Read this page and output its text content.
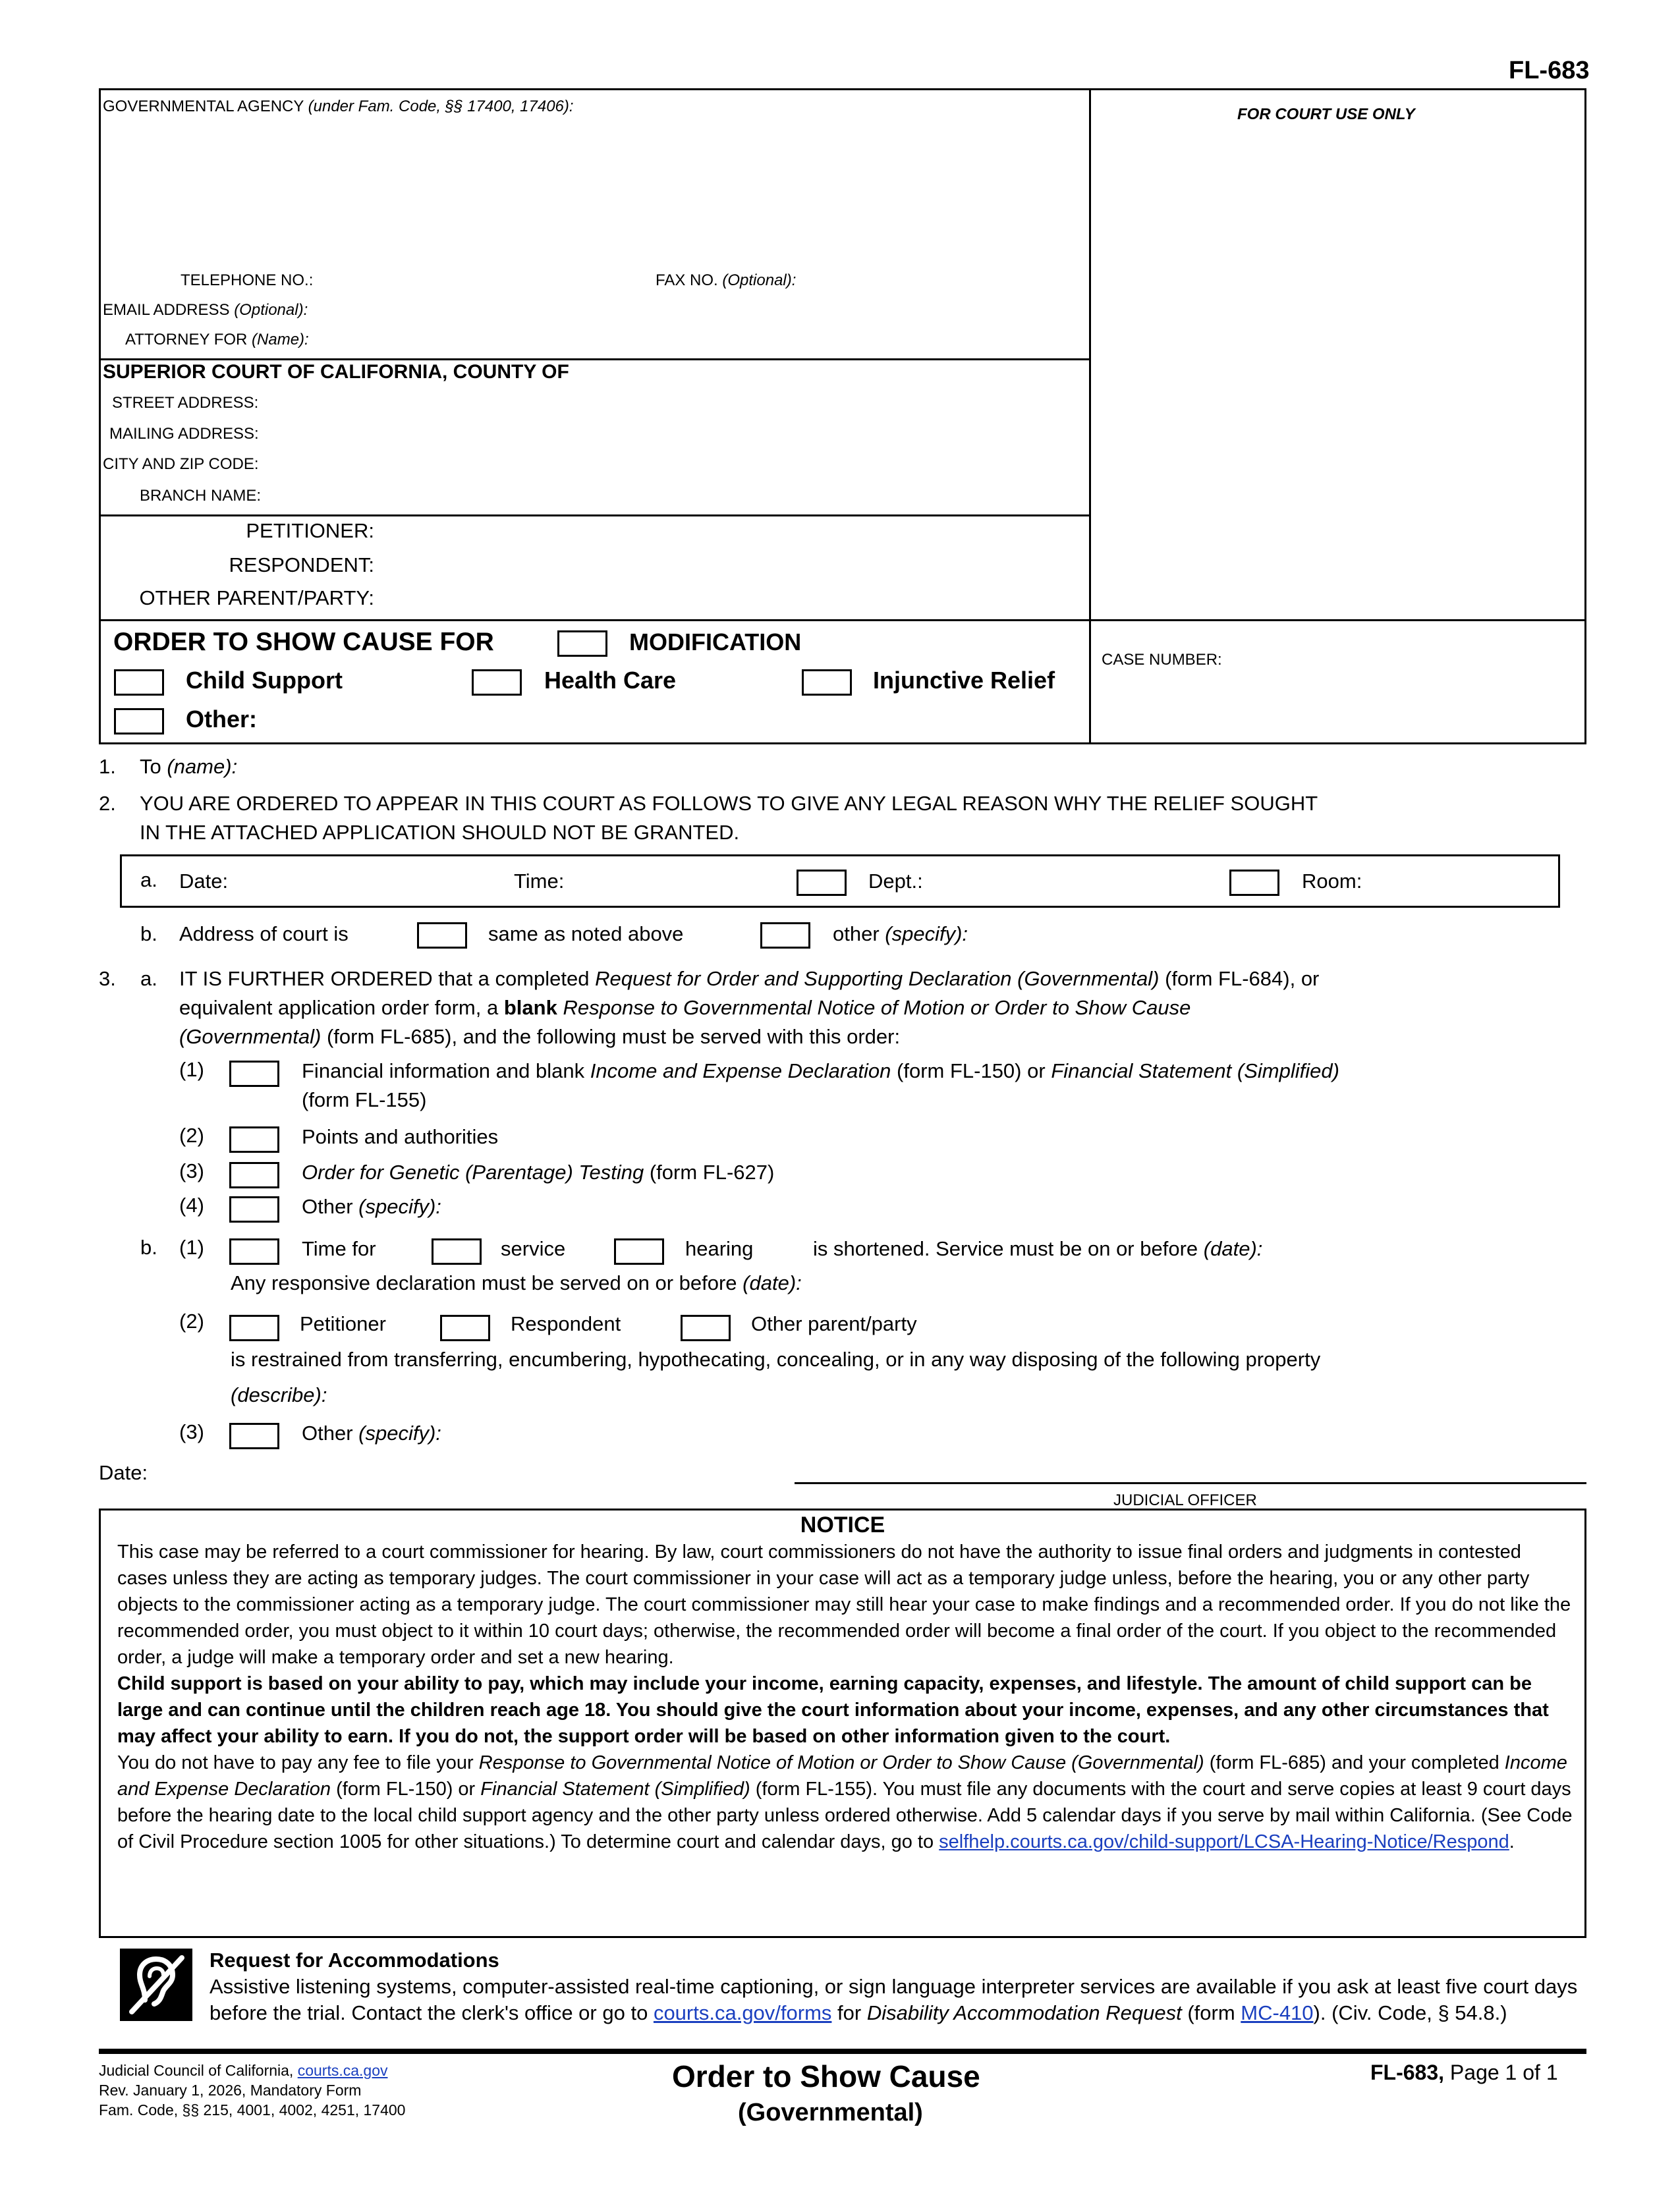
FL-683
GOVERNMENTAL AGENCY (under Fam. Code, §§ 17400, 17406):	FOR COURT USE ONLY
TELEPHONE NO.:	FAX NO. (Optional):
EMAIL ADDRESS (Optional):
ATTORNEY FOR (Name):
SUPERIOR COURT OF CALIFORNIA, COUNTY OF
STREET ADDRESS:
MAILING ADDRESS:
CITY AND ZIP CODE:
BRANCH NAME:
PETITIONER:
RESPONDENT:
OTHER PARENT/PARTY:
ORDER TO SHOW CAUSE FOR	MODIFICATION
Child Support	Health Care	Injunctive Relief
Other:
CASE NUMBER:
1. To (name):
2. YOU ARE ORDERED TO APPEAR IN THIS COURT AS FOLLOWS TO GIVE ANY LEGAL REASON WHY THE RELIEF SOUGHT
IN THE ATTACHED APPLICATION SHOULD NOT BE GRANTED.
a. Date:	Time:	Dept.:	Room:
b. Address of court is	same as noted above	other (specify):
3. a. IT IS FURTHER ORDERED that a completed Request for Order and Supporting Declaration (Governmental) (form FL-684), or
equivalent application order form, a blank Response to Governmental Notice of Motion or Order to Show Cause
(Governmental) (form FL-685), and the following must be served with this order:
(1)	Financial information and blank Income and Expense Declaration (form FL-150) or Financial Statement (Simplified)
(form FL-155)
(2)	Points and authorities
(3)	Order for Genetic (Parentage) Testing (form FL-627)
(4)	Other (specify):
b. (1)	Time for	service	hearing	is shortened. Service must be on or before (date):
Any responsive declaration must be served on or before (date):
(2)	Petitioner	Respondent	Other parent/party
is restrained from transferring, encumbering, hypothecating, concealing, or in any way disposing of the following property
(describe):
(3)	Other (specify):
Date:
JUDICIAL OFFICER
NOTICE

This case may be referred to a court commissioner for hearing. By law, court commissioners do not have the authority to issue final orders and judgments in contested cases unless they are acting as temporary judges. The court commissioner in your case will act as a temporary judge unless, before the hearing, you or any other party objects to the commissioner acting as a temporary judge. The court commissioner may still hear your case to make findings and a recommended order. If you do not like the recommended order, you must object to it within 10 court days; otherwise, the recommended order will become a final order of the court. If you object to the recommended order, a judge will make a temporary order and set a new hearing.

Child support is based on your ability to pay, which may include your income, earning capacity, expenses, and lifestyle. The amount of child support can be large and can continue until the children reach age 18. You should give the court information about your income, expenses, and any other circumstances that may affect your ability to earn. If you do not, the support order will be based on other information given to the court.

You do not have to pay any fee to file your Response to Governmental Notice of Motion or Order to Show Cause (Governmental) (form FL-685) and your completed Income and Expense Declaration (form FL-150) or Financial Statement (Simplified) (form FL-155). You must file any documents with the court and serve copies at least 9 court days before the hearing date to the local child support agency and the other party unless ordered otherwise. Add 5 calendar days if you serve by mail within California. (See Code of Civil Procedure section 1005 for other situations.) To determine court and calendar days, go to selfhelp.courts.ca.gov/child-support/LCSA-Hearing-Notice/Respond.

Request for Accommodations
Assistive listening systems, computer-assisted real-time captioning, or sign language interpreter services are available if you ask at least five court days before the trial. Contact the clerk's office or go to courts.ca.gov/forms for Disability Accommodation Request (form MC-410). (Civ. Code, § 54.8.)
Judicial Council of California, courts.ca.gov
Rev. January 1, 2026, Mandatory Form
Fam. Code, §§ 215, 4001, 4002, 4251, 17400
Order to Show Cause
(Governmental)
FL-683, Page 1 of 1
